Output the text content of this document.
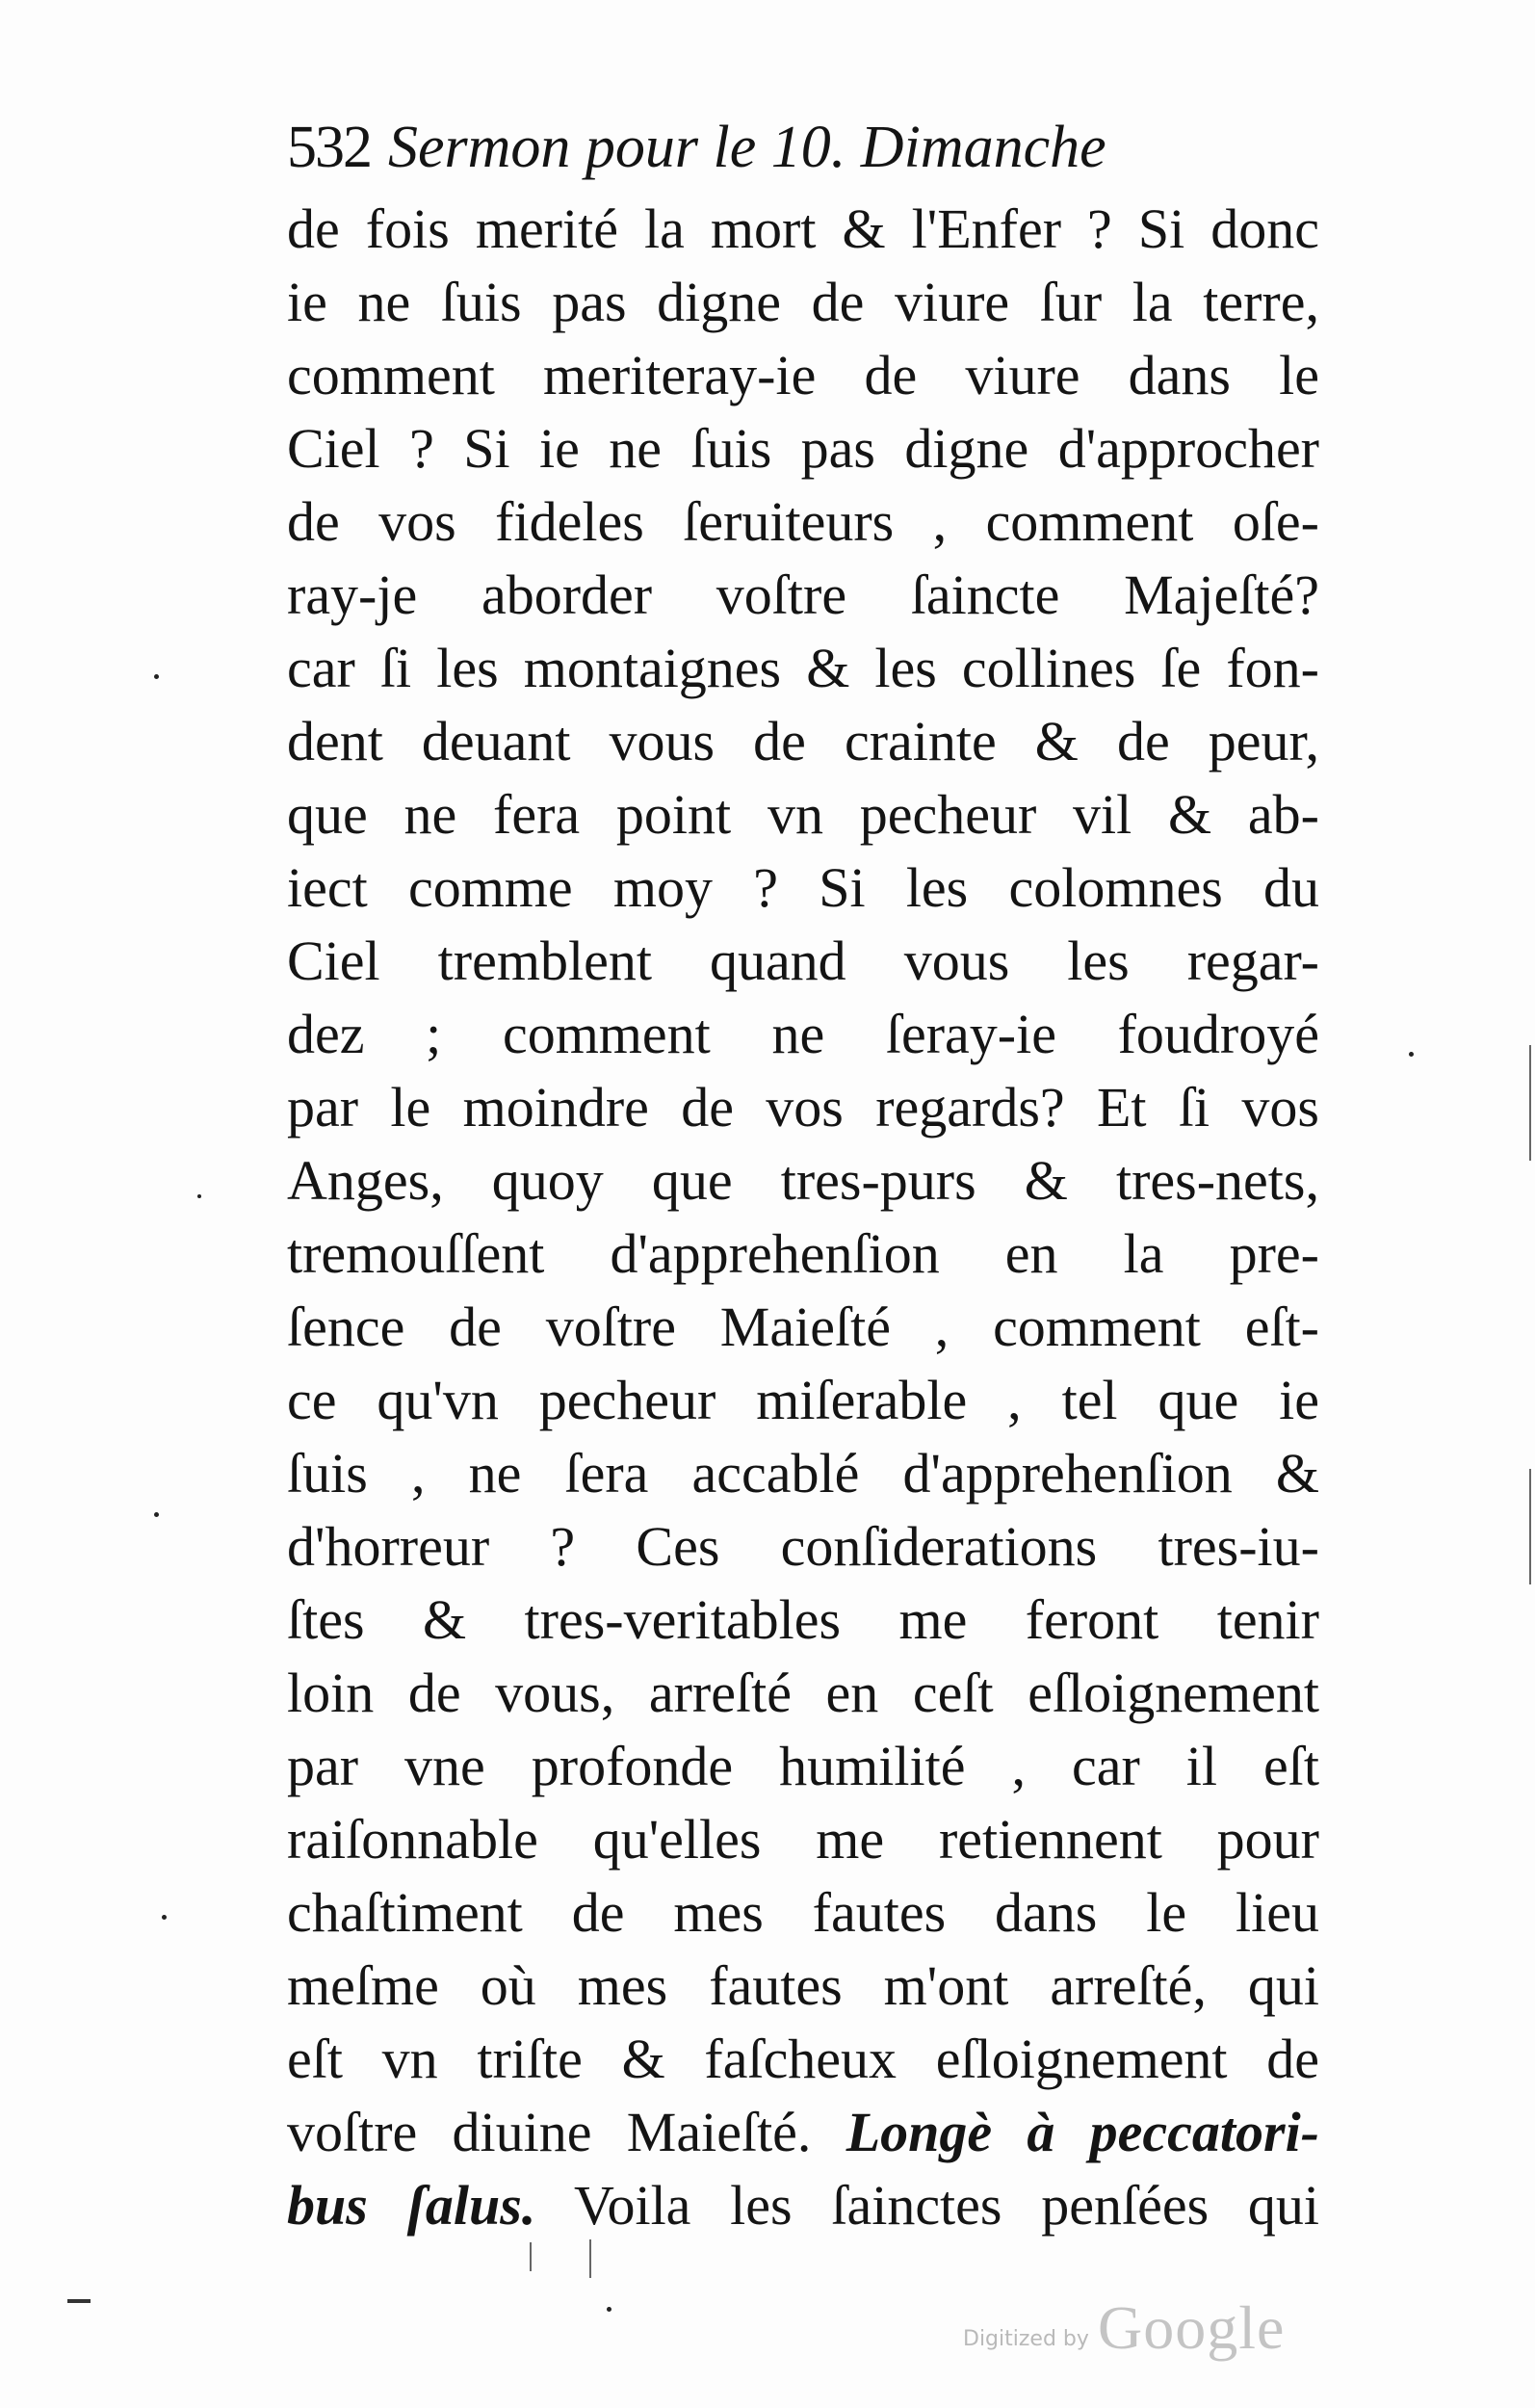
532 Sermon pour le 10. Dimanche
de fois merité la mort & l'Enfer ? Si donc
ie ne ſuis pas digne de viure ſur la terre,
comment meriteray-ie de viure dans le
Ciel ? Si ie ne ſuis pas digne d'approcher
de vos fideles ſeruiteurs , comment oſe-
ray-je aborder voſtre ſaincte Majeſté?
car ſi les montaignes & les collines ſe fon-
dent deuant vous de crainte & de peur,
que ne fera point vn pecheur vil & ab-
iect comme moy ? Si les colomnes du
Ciel tremblent quand vous les regar-
dez ; comment ne ſeray-ie foudroyé
par le moindre de vos regards? Et ſi vos
Anges, quoy que tres-purs & tres-nets,
tremouſſent d'apprehenſion en la pre-
ſence de voſtre Maieſté , comment eſt-
ce qu'vn pecheur miſerable , tel que ie
ſuis , ne ſera accablé d'apprehenſion &
d'horreur ? Ces conſiderations tres-iu-
ſtes & tres-veritables me feront tenir
loin de vous, arreſté en ceſt eſloignement
par vne profonde humilité , car il eſt
raiſonnable qu'elles me retiennent pour
chaſtiment de mes fautes dans le lieu
meſme où mes fautes m'ont arreſté, qui
eſt vn triſte & faſcheux eſloignement de
voſtre diuine Maieſté. Longè à peccatori-
bus ſalus. Voila les ſainctes penſées qui
Digitized by Google
